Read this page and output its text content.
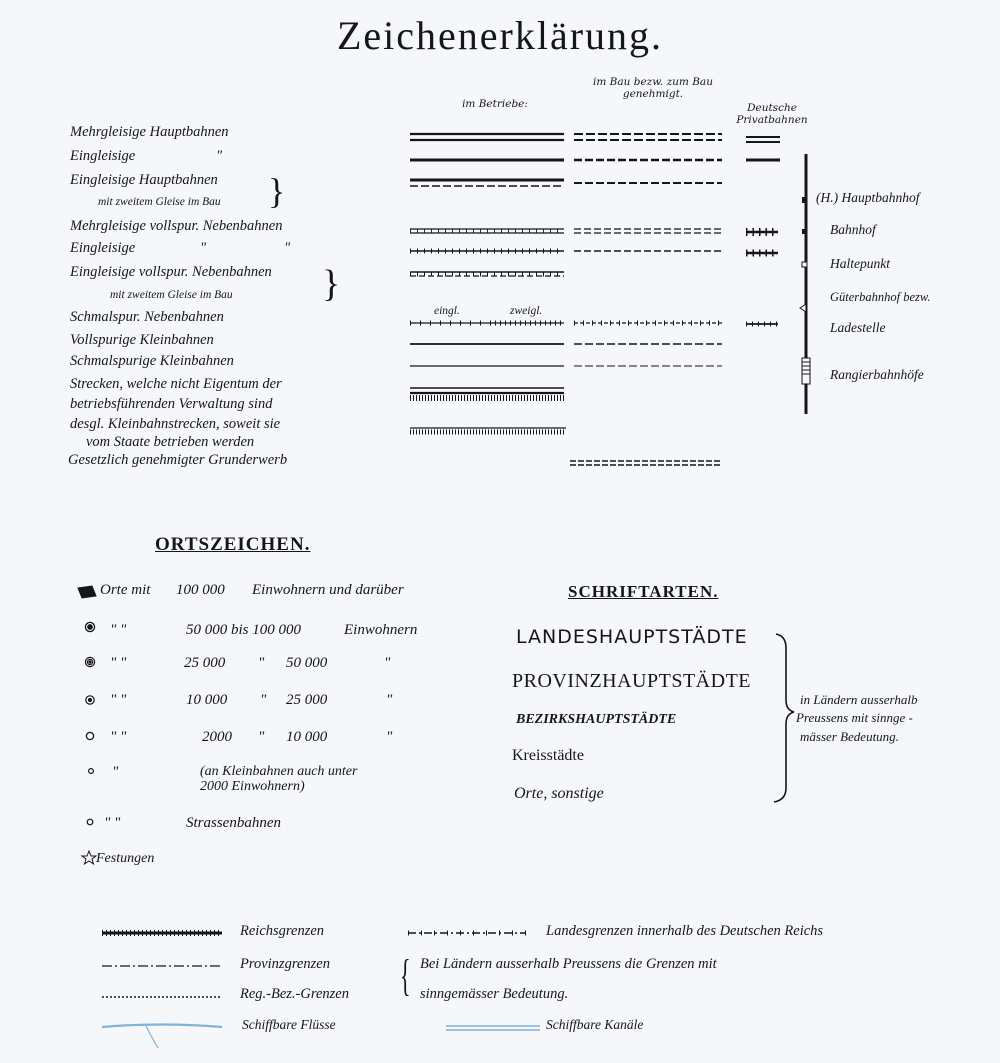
Zeichenerklärung.
im Betriebe:
im Bau bezw. zum Bau genehmigt.
Deutsche Privatbahnen
Mehrgleisige Hauptbahnen
Eingleisige	"
Eingleisige Hauptbahnen
mit zweitem Gleise im Bau
Mehrgleisige vollspur. Nebenbahnen
Eingleisige	"	"
Eingleisige vollspur. Nebenbahnen
mit zweitem Gleise im Bau
Schmalspur. Nebenbahnen
Vollspurige Kleinbahnen
Schmalspurige Kleinbahnen
Strecken, welche nicht Eigentum der
betriebsführenden Verwaltung sind
desgl. Kleinbahnstrecken, soweit sie
vom Staate betrieben werden
Gesetzlich genehmigter Grunderwerb
}
}
eingl.	zweigl.
(H.) Hauptbahnhof
Bahnhof
Haltepunkt
Güterbahnhof bezw.
Ladestelle
Rangierbahnhöfe
ORTSZEICHEN.
Orte mit 100 000 Einwohnern und darüber
" "	50 000 bis 100 000	Einwohnern
" "	25 000 " 50 000	"
" "	10 000 " 25 000	"
" "	2000 " 10 000	"
"	(an Kleinbahnen auch unter
2000 Einwohnern)
" "	Strassenbahnen
Festungen
SCHRIFTARTEN.
LANDESHAUPTSTÄDTE
PROVINZHAUPTSTÄDTE
BEZIRKSHAUPTSTÄDTE
Kreisstädte
Orte, sonstige
in Ländern ausserhalb
Preussens mit sinnge -
mässer Bedeutung.
Reichsgrenzen	Landesgrenzen innerhalb des Deutschen Reichs
Provinzgrenzen
Reg.-Bez.-Grenzen
Bei Ländern ausserhalb Preussens die Grenzen mit
sinngemässer Bedeutung.
{
Schiffbare Flüsse	Schiffbare Kanäle
